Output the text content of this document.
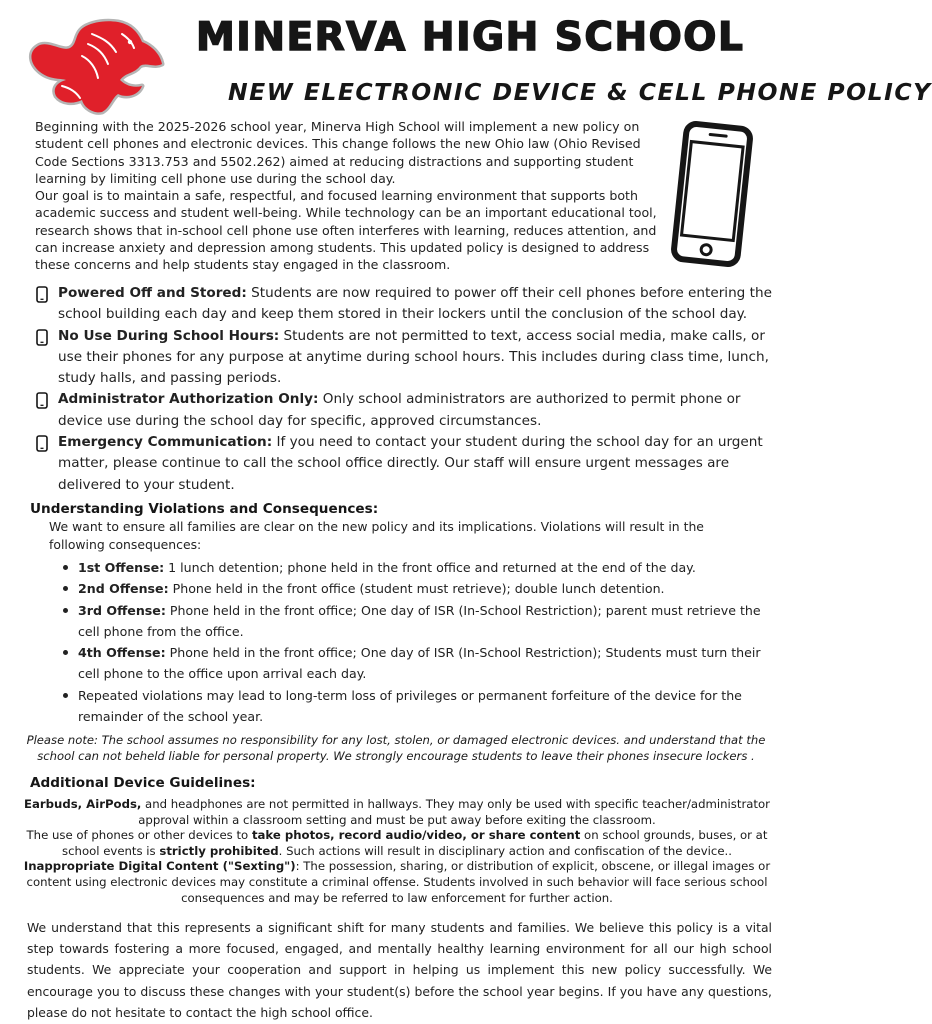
MINERVA HIGH SCHOOL
NEW ELECTRONIC DEVICE & CELL PHONE POLICY

Beginning with the 2025-2026 school year, Minerva High School will implement a new policy on student cell phones and electronic devices. This change follows the new Ohio law (Ohio Revised Code Sections 3313.753 and 5502.262) aimed at reducing distractions and supporting student learning by limiting cell phone use during the school day.

Our goal is to maintain a safe, respectful, and focused learning environment that supports both academic success and student well-being. While technology can be an important educational tool, research shows that in-school cell phone use often interferes with learning, reduces attention, and can increase anxiety and depression among students. This updated policy is designed to address these concerns and help students stay engaged in the classroom.

Powered Off and Stored: Students are now required to power off their cell phones before entering the school building each day and keep them stored in their lockers until the conclusion of the school day.

No Use During School Hours: Students are not permitted to text, access social media, make calls, or use their phones for any purpose at anytime during school hours. This includes during class time, lunch, study halls, and passing periods.

Administrator Authorization Only: Only school administrators are authorized to permit phone or device use during the school day for specific, approved circumstances.

Emergency Communication: If you need to contact your student during the school day for an urgent matter, please continue to call the school office directly. Our staff will ensure urgent messages are delivered to your student.

Understanding Violations and Consequences:

We want to ensure all families are clear on the new policy and its implications. Violations will result in the following consequences:

1st Offense: 1 lunch detention; phone held in the front office and returned at the end of the day.
2nd Offense: Phone held in the front office (student must retrieve); double lunch detention.
3rd Offense: Phone held in the front office; One day of ISR (In-School Restriction); parent must retrieve the cell phone from the office.
4th Offense: Phone held in the front office; One day of ISR (In-School Restriction); Students must turn their cell phone to the office upon arrival each day.
Repeated violations may lead to long-term loss of privileges or permanent forfeiture of the device for the remainder of the school year.

Please note: The school assumes no responsibility for any lost, stolen, or damaged electronic devices. and understand that the school can not beheld liable for personal property. We strongly encourage students to leave their phones insecure lockers .

Additional Device Guidelines:

Earbuds, AirPods, and headphones are not permitted in hallways. They may only be used with specific teacher/administrator approval within a classroom setting and must be put away before exiting the classroom.

The use of phones or other devices to take photos, record audio/video, or share content on school grounds, buses, or at school events is strictly prohibited. Such actions will result in disciplinary action and confiscation of the device..

Inappropriate Digital Content ("Sexting"): The possession, sharing, or distribution of explicit, obscene, or illegal images or content using electronic devices may constitute a criminal offense. Students involved in such behavior will face serious school consequences and may be referred to law enforcement for further action.

We understand that this represents a significant shift for many students and families. We believe this policy is a vital step towards fostering a more focused, engaged, and mentally healthy learning environment for all our high school students. We appreciate your cooperation and support in helping us implement this new policy successfully. We encourage you to discuss these changes with your student(s) before the school year begins. If you have any questions, please do not hesitate to contact the high school office.
